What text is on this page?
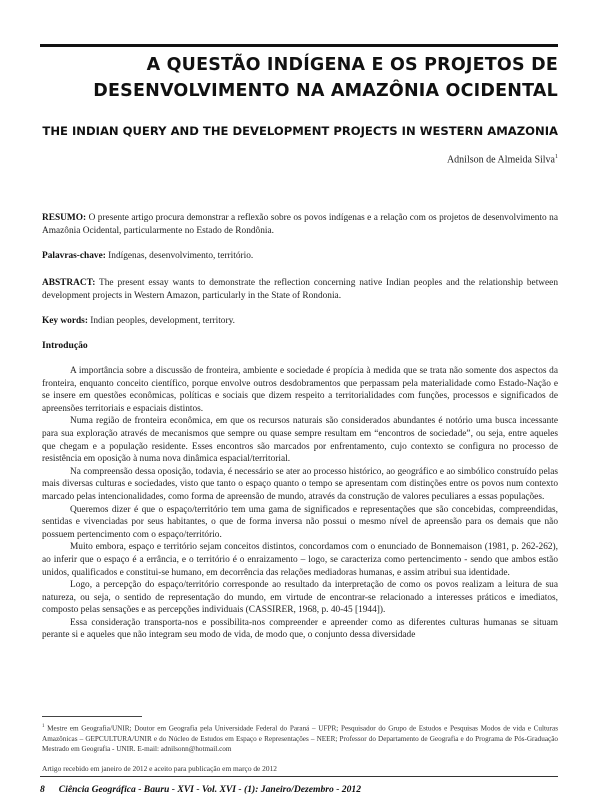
A QUESTÃO INDÍGENA E OS PROJETOS DE
DESENVOLVIMENTO NA AMAZÔNIA OCIDENTAL
THE INDIAN QUERY AND THE DEVELOPMENT PROJECTS IN WESTERN AMAZONIA
Adnilson de Almeida Silva$^1$
RESUMO: O presente artigo procura demonstrar a reflexão sobre os povos indígenas e a relação com os projetos de desenvolvimento na Amazônia Ocidental, particularmente no Estado de Rondônia.
Palavras-chave: Indígenas, desenvolvimento, território.
ABSTRACT: The present essay wants to demonstrate the reflection concerning native Indian peoples and the relationship between development projects in Western Amazon, particularly in the State of Rondonia.
Key words: Indian peoples, development, territory.
Introdução

A importância sobre a discussão de fronteira, ambiente e sociedade é propícia à medida que se trata não somente dos aspectos da fronteira, enquanto conceito científico, porque envolve outros desdobramentos que perpassam pela materialidade como Estado-Nação e se insere em questões econômicas, políticas e sociais que dizem respeito a territorialidades com funções, processos e significados de apreensões territoriais e espaciais distintos.

Numa região de fronteira econômica, em que os recursos naturais são considerados abundantes é notório uma busca incessante para sua exploração através de mecanismos que sempre ou quase sempre resultam em “encontros de sociedade”, ou seja, entre aqueles que chegam e a população residente. Esses encontros são marcados por enfrentamento, cujo contexto se configura no processo de resistência em oposição à numa nova dinâmica espacial/territorial.

Na compreensão dessa oposição, todavia, é necessário se ater ao processo histórico, ao geográfico e ao simbólico construído pelas mais diversas culturas e sociedades, visto que tanto o espaço quanto o tempo se apresentam com distinções entre os povos num contexto marcado pelas intencionalidades, como forma de apreensão de mundo, através da construção de valores peculiares a essas populações.

Queremos dizer é que o espaço/território tem uma gama de significados e representações que são concebidas, compreendidas, sentidas e vivenciadas por seus habitantes, o que de forma inversa não possui o mesmo nível de apreensão para os demais que não possuem pertencimento com o espaço/território.

Muito embora, espaço e território sejam conceitos distintos, concordamos com o enunciado de Bonnemaison (1981, p. 262-262), ao inferir que o espaço é a errância, e o território é o enraizamento – logo, se caracteriza como pertencimento - sendo que ambos estão unidos, qualificados e constitui-se humano, em decorrência das relações mediadoras humanas, e assim atribui sua identidade.

Logo, a percepção do espaço/território corresponde ao resultado da interpretação de como os povos realizam a leitura de sua natureza, ou seja, o sentido de representação do mundo, em virtude de encontrar-se relacionado a interesses práticos e imediatos, composto pelas sensações e as percepções individuais (CASSIRER, 1968, p. 40-45 [1944]).

Essa consideração transporta-nos e possibilita-nos compreender e apreender como as diferentes culturas humanas se situam perante si e aqueles que não integram seu modo de vida, de modo que, o conjunto dessa diversidade

$^1$ Mestre em Geografia/UNIR; Doutor em Geografia pela Universidade Federal do Paraná – UFPR; Pesquisador do Grupo de Estudos e Pesquisas Modos de vida e Culturas Amazônicas – GEPCULTURA/UNIR e do Núcleo de Estudos em Espaço e Representações – NEER; Professor do Departamento de Geografia e do Programa de Pós-Graduação Mestrado em Geografia - UNIR. E-mail: adnilsonn@hotmail.com
Artigo recebido em janeiro de 2012 e aceito para publicação em março de 2012
8 Ciência Geográfica - Bauru - XVI - Vol. XVI - (1): Janeiro/Dezembro - 2012
